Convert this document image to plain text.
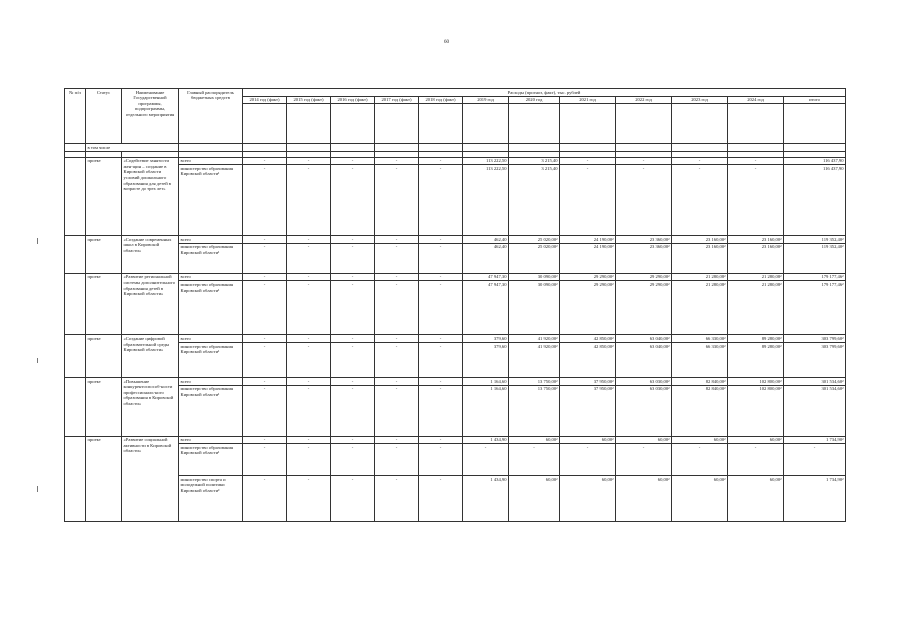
60
№ п/п	Статус	Наименование Государственной программы, подпрограммы, отдельного мероприятия	Главный распорядитель бюджетных средств	Расходы (прогноз, факт), тыс. рублей											
				2014 год (факт)	2015 год (факт)	2016 год (факт)	2017 год (факт)	2018 год (факт)	2019 год	2020 год	2021 год	2022 год	2023 год	2024 год	итого

	в том числе														

	проект	«Содействие занятости жен-щин – создание в Кировской области условий дошкольного образования для детей в возрасте до трех лет»	всего	-	-	-	-	-	113 222,50	3 215,40	-	-	-	-	116 437,90
			министерство образования Кировской области¹	-	-	-	-	-	113 222,50	3 215,40	-	-	-	-	116 437,90
	проект	«Создание современных школ в Кировской области»	всего	-	-	-	-	-	462,40	25 020,00²	24 190,00²	23 360,00²	23 160,00²	23 160,00²	119 352,40²
			министерство образования Кировской области¹	-	-	-	-	-	462,40	25 020,00²	24 190,00²	23 360,00²	23 160,00²	23 160,00²	119 352,40²
	проект	«Развитие региональной системы дополнительного образования детей в Кировской области»	всего	-	-	-	-	-	47 947,30	30 090,00²	29 290,00²	29 290,00²	21 280,08²	21 280,08²	179 177,46²
			министерство образования Кировской области¹	-	-	-	-	-	47 947,30	30 090,00²	29 290,00²	29 290,00²	21 280,08²	21 280,08²	179 177,46²
	проект	«Создание цифровой образовательной среды Кировской области»	всего	-	-	-	-	-	379,60	41 920,00²	42 850,00²	63 040,00²	66 330,00²	89 280,00²	303 799,60²
			министерство образования Кировской области¹	-	-	-	-	-	379,60	41 920,00²	42 850,00²	63 040,00²	66 330,00²	89 280,00²	303 799,60²
	проект	«Повышение конкурентоспособ-ности профессиональ-ного образования в Кировской области»	всего	-	-	-	-	-	1 164,60	13 750,00²	37 950,00²	63 030,00²	82 840,00²	102 800,00²	301 534,60²
			министерство образования Кировской области¹	-	-	-	-	-	1 164,60	13 750,00²	37 950,00²	63 030,00²	82 840,00²	102 800,00²	301 534,60²
	проект	«Развитие социальной активности в Кировской области»	всего	-	-	-	-	-	1 434,90	60,00²	60,00²	60,00²	60,00²	60,00²	1 734,90²
			министерство образования Кировской области¹	-	-	-	-	-	-	-	-	-	-	-	-
			министерство спорта и молодежной политики Кировской области³	-	-	-	-	-	1 434,90	60,00²	60,00²	60,00²	60,00²	60,00²	1 734,90²
